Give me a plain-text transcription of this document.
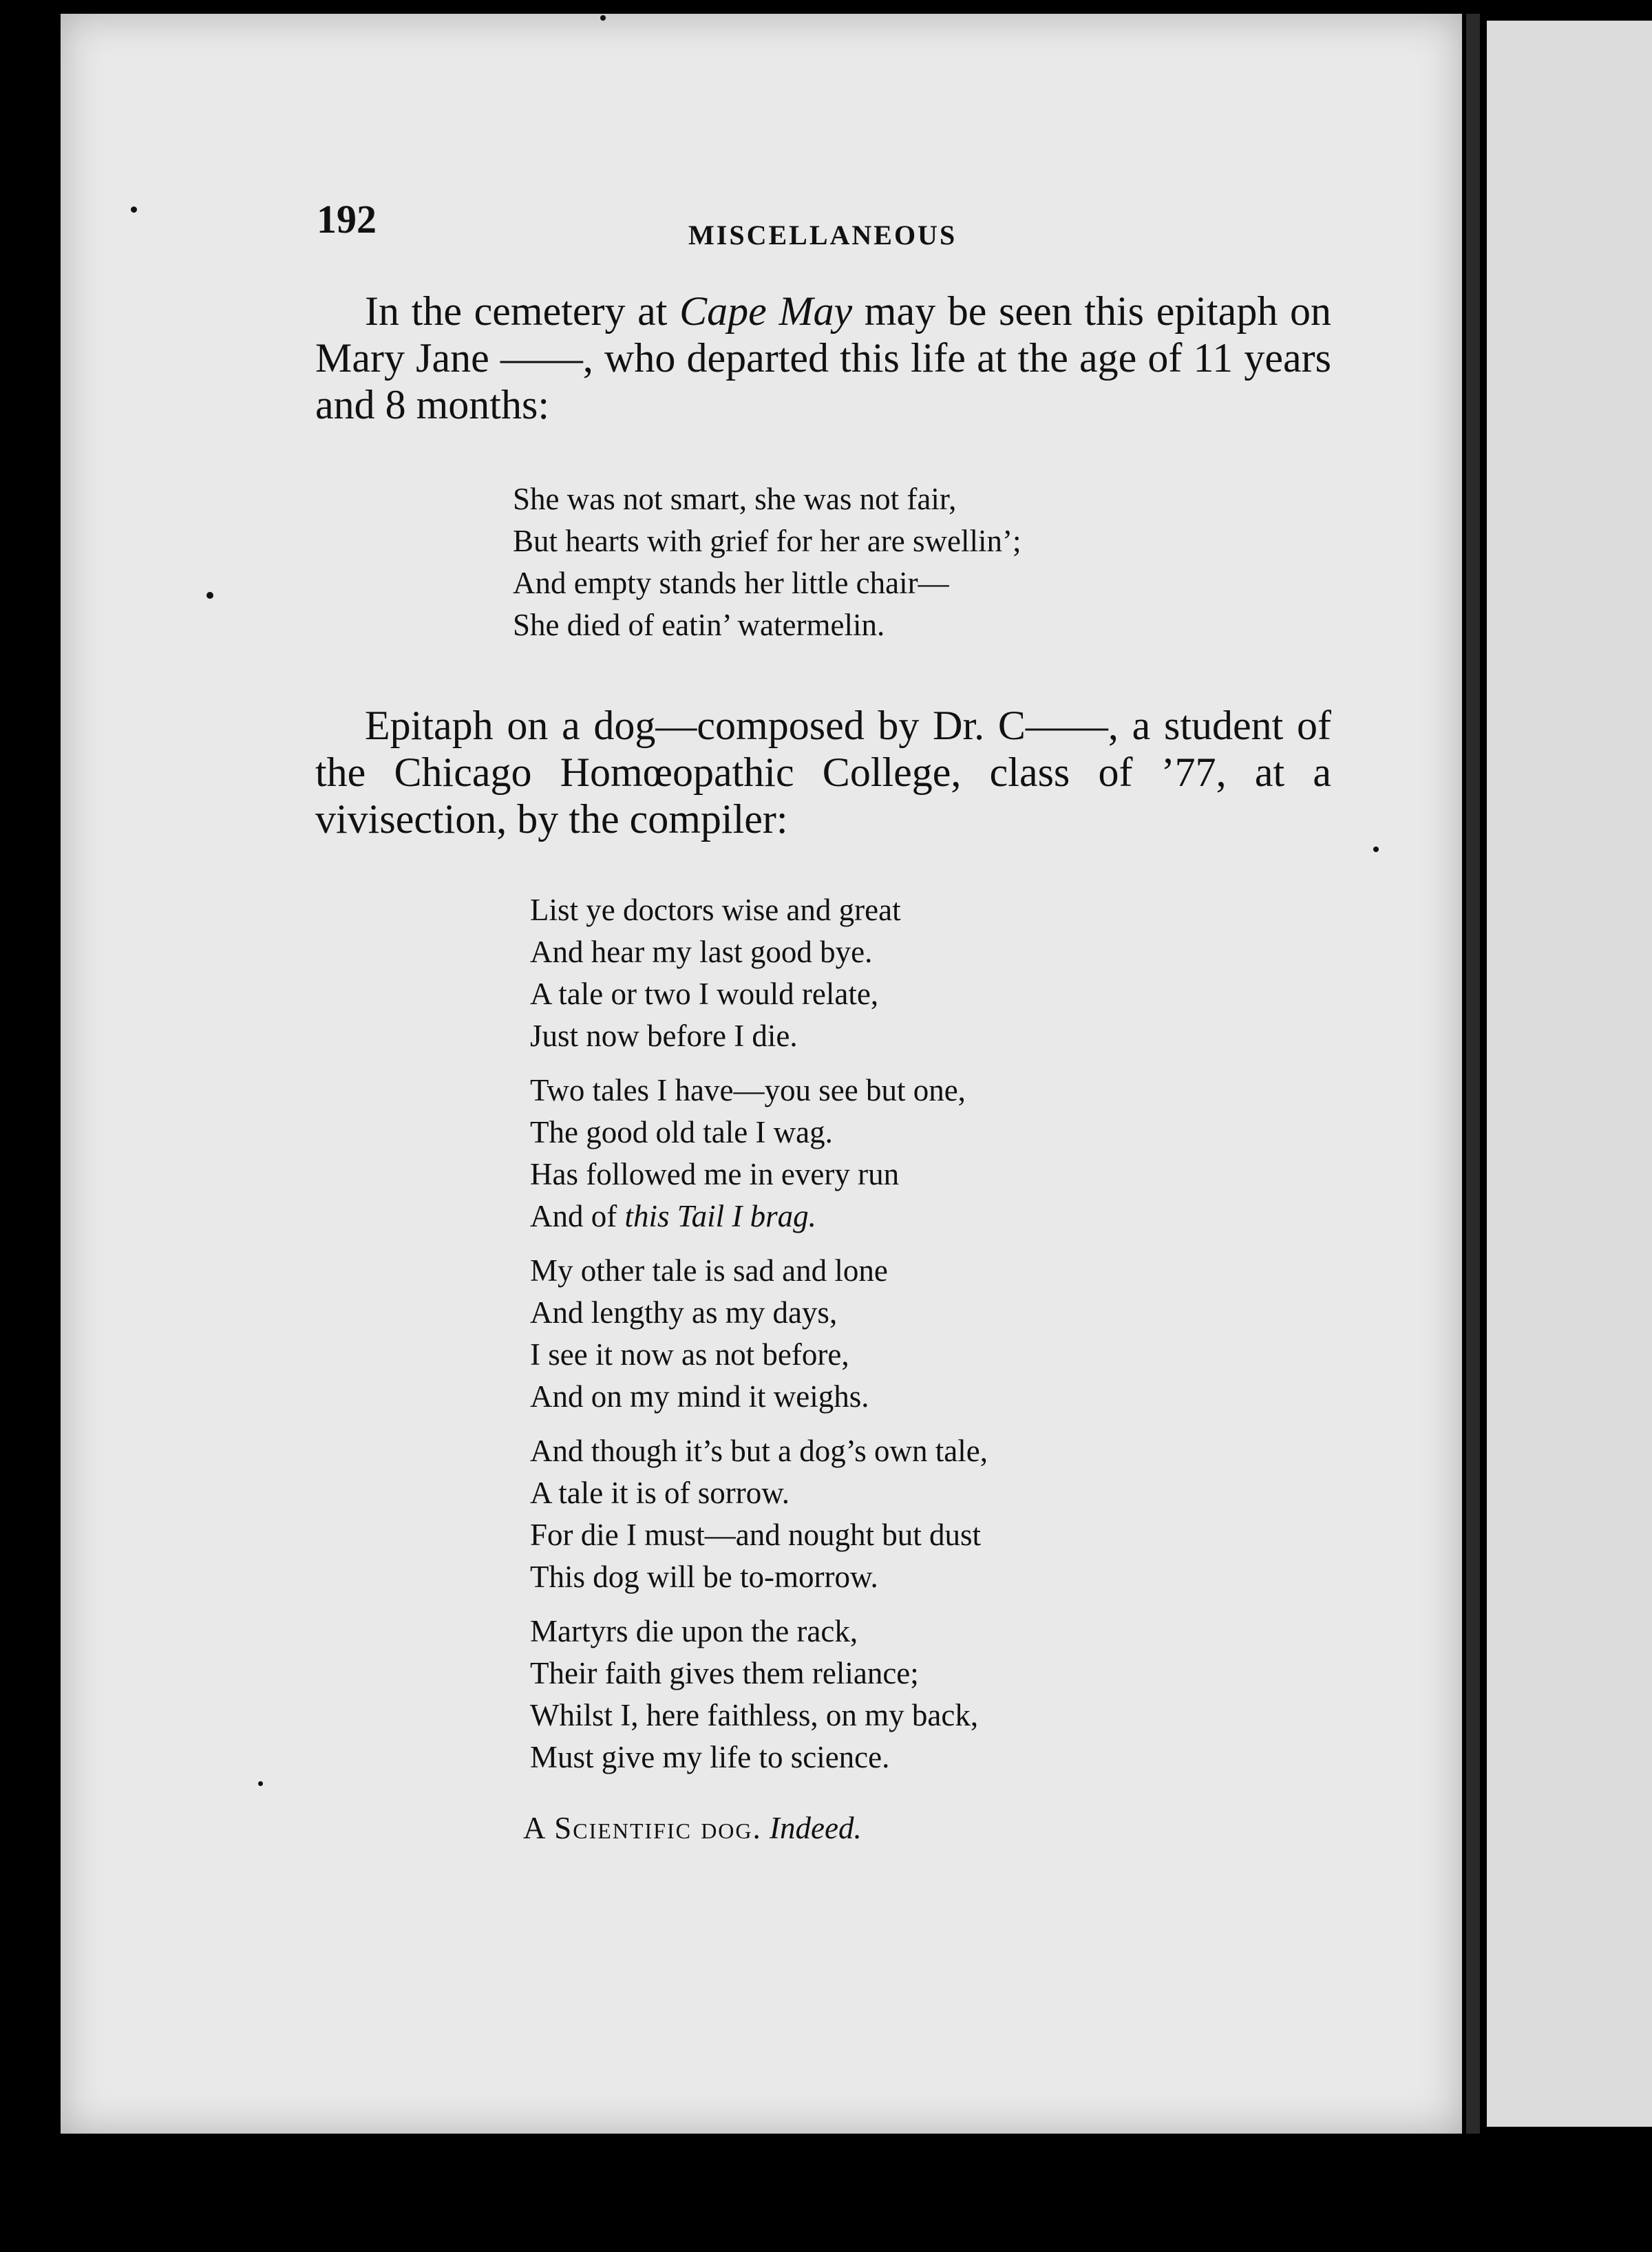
192	MISCELLANEOUS
In the cemetery at Cape May may be seen this epitaph on Mary Jane ——, who departed this life at the age of 11 years and 8 months:
She was not smart, she was not fair,
But hearts with grief for her are swellin’;
And empty stands her little chair—
She died of eatin’ watermelin.
Epitaph on a dog—composed by Dr. C——, a student of the Chicago Homœopathic College, class of ’77, at a vivisection, by the compiler:
List ye doctors wise and great
And hear my last good bye.
A tale or two I would relate,
Just now before I die.
Two tales I have—you see but one,
The good old tale I wag.
Has followed me in every run
And of this Tail I brag.
My other tale is sad and lone
And lengthy as my days,
I see it now as not before,
And on my mind it weighs.
And though it’s but a dog’s own tale,
A tale it is of sorrow.
For die I must—and nought but dust
This dog will be to-morrow.
Martyrs die upon the rack,
Their faith gives them reliance;
Whilst I, here faithless, on my back,
Must give my life to science.
A Scientific dog. Indeed.
